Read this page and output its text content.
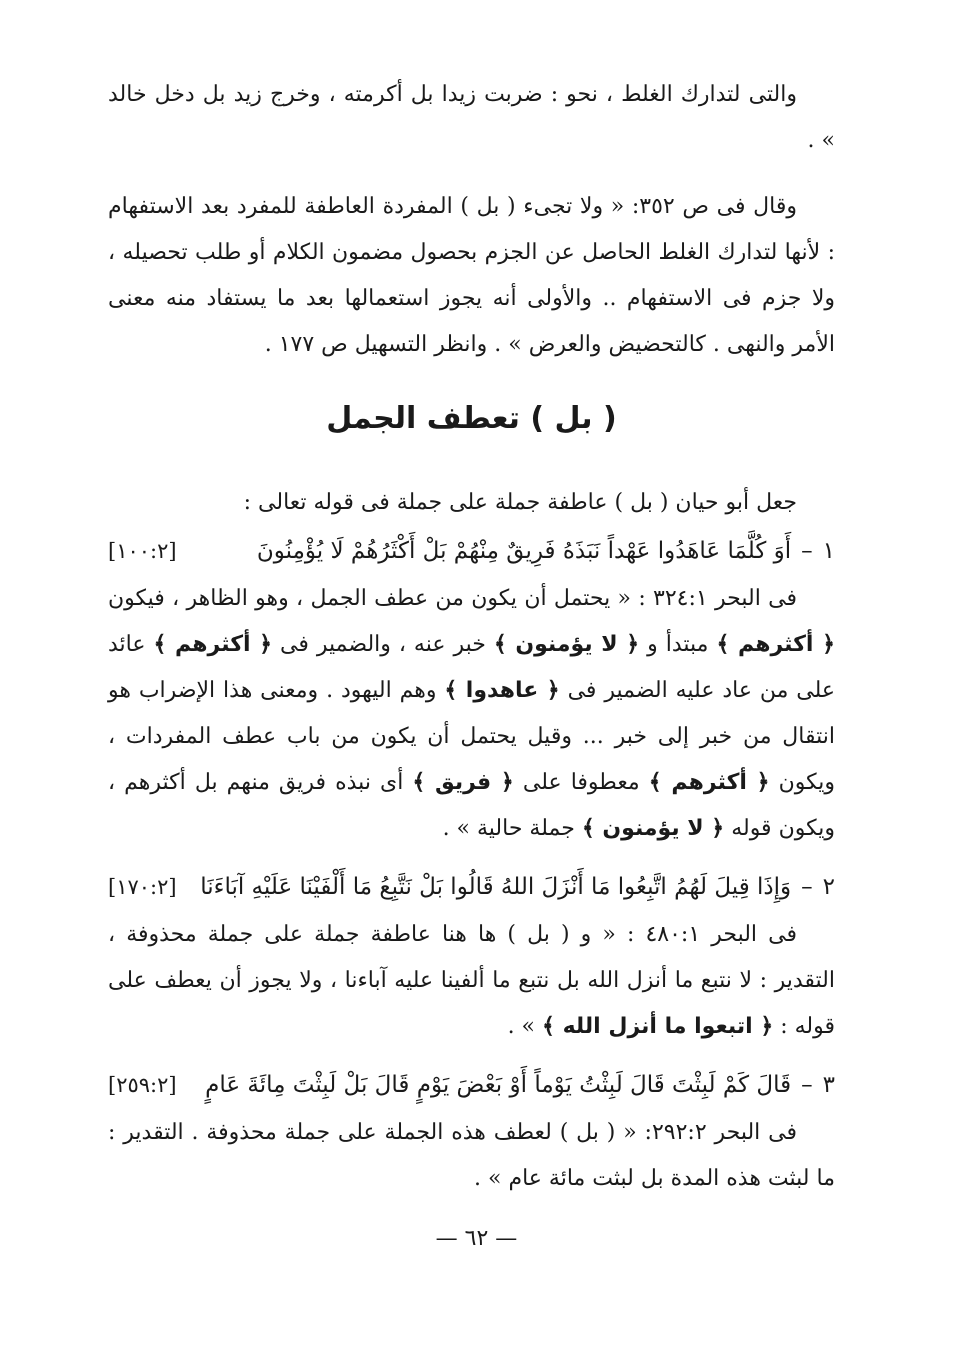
والتى لتدارك الغلط ، نحو : ضربت زيدا بل أكرمته ، وخرج زيد بل دخل خالد » .

وقال فى ص ٣٥٢: « ولا تجىء ( بل ) المفردة العاطفة للمفرد بعد الاستفهام : لأنها لتدارك الغلط الحاصل عن الجزم بحصول مضمون الكلام أو طلب تحصيله ، ولا جزم فى الاستفهام .. والأولى أنه يجوز استعمالها بعد ما يستفاد منه معنى الأمر والنهى . كالتحضيض والعرض » . وانظر التسهيل ص ١٧٧ .

( بل ) تعطف الجمل

جعل أبو حيان ( بل ) عاطفة جملة على جملة فى قوله تعالى :

١
–
أَوَ كُلَّمَا عَاهَدُوا عَهْداً نَبَذَهُ فَرِيقٌ مِنْهُمْ بَلْ أَكْثَرُهُمْ لَا يُؤْمِنُونَ
[١٠٠:٢]

فى البحر ٣٢٤:١ : « يحتمل أن يكون من عطف الجمل ، وهو الظاهر ، فيكون ﴿ أكثرهم ﴾ مبتدأ و ﴿ لا يؤمنون ﴾ خبر عنه ، والضمير فى ﴿ أكثرهم ﴾ عائد على من عاد عليه الضمير فى ﴿ عاهدوا ﴾ وهم اليهود . ومعنى هذا الإضراب هو انتقال من خبر إلى خبر ... وقيل يحتمل أن يكون من باب عطف المفردات ، ويكون ﴿ أكثرهم ﴾ معطوفا على ﴿ فريق ﴾ أى نبذه فريق منهم بل أكثرهم ، ويكون قوله ﴿ لا يؤمنون ﴾ جملة حالية » .

٢
–
وَإِذَا قِيلَ لَهُمُ اتَّبِعُوا مَا أَنْزَلَ اللهُ قَالُوا بَلْ نَتَّبِعُ مَا أَلْفَيْنَا عَلَيْهِ آبَاءَنَا
[١٧٠:٢]

فى البحر ٤٨٠:١ : « و ( بل ) ها هنا عاطفة جملة على جملة محذوفة ، التقدير : لا نتبع ما أنزل الله بل نتبع ما ألفينا عليه آباءنا ، ولا يجوز أن يعطف على قوله : ﴿ اتبعوا ما أنزل الله ﴾ » .

٣
–
قَالَ كَمْ لَبِثْتَ قَالَ لَبِثْتُ يَوْماً أَوْ بَعْضَ يَوْمٍ قَالَ بَلْ لَبِثْتَ مِائَةَ عَامٍ
[٢٥٩:٢]

فى البحر ٢٩٢:٢: « ( بل ) لعطف هذه الجملة على جملة محذوفة . التقدير : ما لبثت هذه المدة بل لبثت مائة عام » .

— ٦٢ —
